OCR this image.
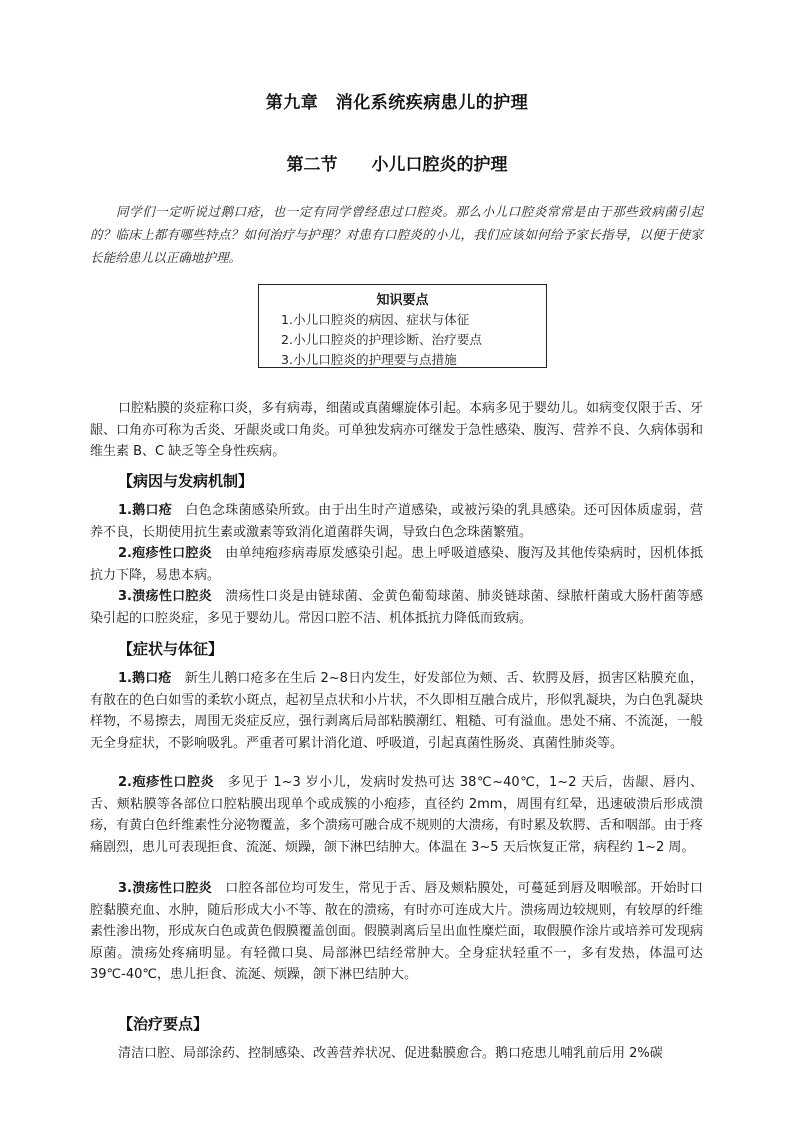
第九章　消化系统疾病患儿的护理
第二节　　小儿口腔炎的护理
同学们一定听说过鹅口疮，也一定有同学曾经患过口腔炎。那么小儿口腔炎常常是由于那些致病菌引起的？临床上都有哪些特点？如何治疗与护理？对患有口腔炎的小儿，我们应该如何给予家长指导，以便于使家长能给患儿以正确地护理。
知识要点
1.小儿口腔炎的病因、症状与体征
2.小儿口腔炎的护理诊断、治疗要点
3.小儿口腔炎的护理要与点措施
口腔粘膜的炎症称口炎，多有病毒，细菌或真菌螺旋体引起。本病多见于婴幼儿。如病变仅限于舌、牙龈、口角亦可称为舌炎、牙龈炎或口角炎。可单独发病亦可继发于急性感染、腹泻、营养不良、久病体弱和维生素 B、C 缺乏等全身性疾病。
【病因与发病机制】
1.鹅口疮　白色念珠菌感染所致。由于出生时产道感染，或被污染的乳具感染。还可因体质虚弱，营养不良，长期使用抗生素或激素等致消化道菌群失调，导致白色念珠菌繁殖。
2.疱疹性口腔炎　由单纯疱疹病毒原发感染引起。患上呼吸道感染、腹泻及其他传染病时，因机体抵抗力下降，易患本病。
3.溃疡性口腔炎　溃疡性口炎是由链球菌、金黄色葡萄球菌、肺炎链球菌、绿脓杆菌或大肠杆菌等感染引起的口腔炎症，多见于婴幼儿。常因口腔不洁、机体抵抗力降低而致病。
【症状与体征】
1.鹅口疮　新生儿鹅口疮多在生后 2~8日内发生，好发部位为颊、舌、软腭及唇，损害区粘膜充血，有散在的色白如雪的柔软小斑点，起初呈点状和小片状，不久即相互融合成片，形似乳凝块，为白色乳凝块样物，不易擦去，周围无炎症反应，强行剥离后局部粘膜潮红、粗糙、可有溢血。患处不痛、不流涎，一般无全身症状，不影响吸乳。严重者可累计消化道、呼吸道，引起真菌性肠炎、真菌性肺炎等。
2.疱疹性口腔炎　多见于 1~3 岁小儿，发病时发热可达 38℃~40℃，1~2 天后，齿龈、唇内、舌、颊粘膜等各部位口腔粘膜出现单个或成簇的小疱疹，直径约 2mm，周围有红晕，迅速破溃后形成溃疡，有黄白色纤维素性分泌物覆盖，多个溃疡可融合成不规则的大溃疡，有时累及软腭、舌和咽部。由于疼痛剧烈，患儿可表现拒食、流涎、烦躁，颌下淋巴结肿大。体温在 3~5 天后恢复正常，病程约 1~2 周。
3.溃疡性口腔炎　口腔各部位均可发生，常见于舌、唇及颊粘膜处，可蔓延到唇及咽喉部。开始时口腔黏膜充血、水肿，随后形成大小不等、散在的溃疡，有时亦可连成大片。溃疡周边较规则，有较厚的纤维素性渗出物，形成灰白色或黄色假膜覆盖创面。假膜剥离后呈出血性糜烂面，取假膜作涂片或培养可发现病原菌。溃疡处疼痛明显。有轻微口臭、局部淋巴结经常肿大。全身症状轻重不一，多有发热，体温可达 39℃-40℃，患儿拒食、流涎、烦躁，颌下淋巴结肿大。
【治疗要点】
清洁口腔、局部涂药、控制感染、改善营养状况、促进黏膜愈合。鹅口疮患儿哺乳前后用 2%碳
